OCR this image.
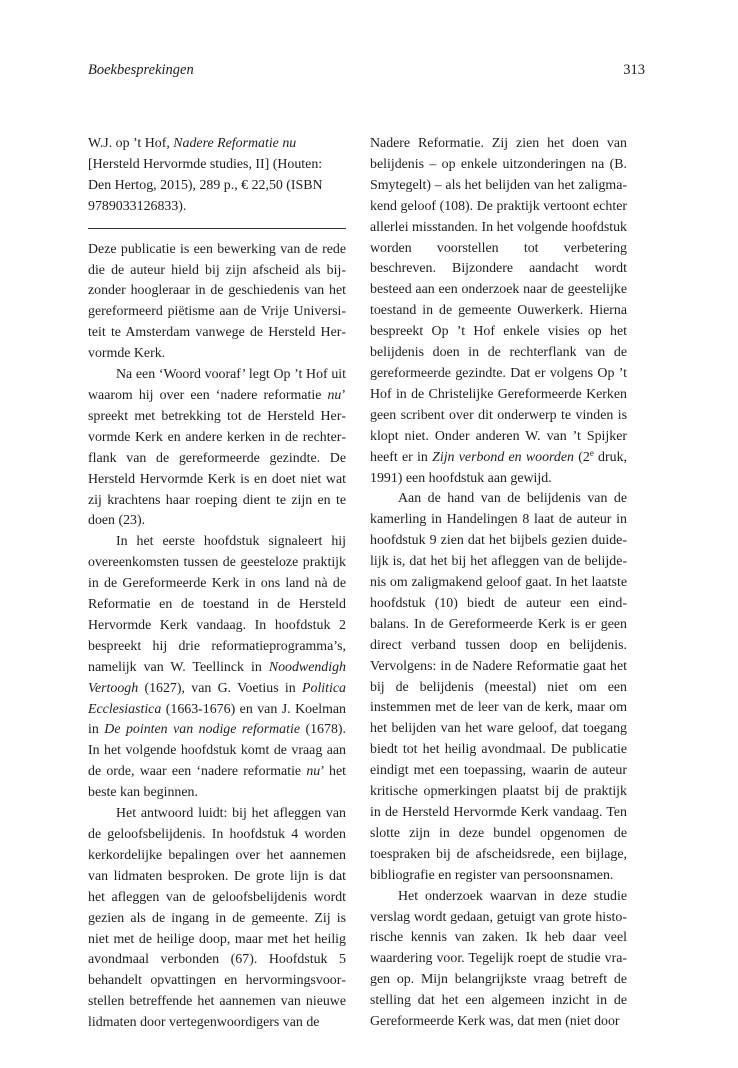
Boekbesprekingen	313

W.J. op ’t Hof, Nadere Reformatie nu
[Hersteld Hervormde studies, II] (Houten: Den Hertog, 2015), 289 p., € 22,50 (ISBN 9789033126833).

Deze publicatie is een bewerking van de rede die de auteur hield bij zijn afscheid als bijzonder hoogleraar in de geschiedenis van het gereformeerd piëtisme aan de Vrije Universiteit te Amsterdam vanwege de Hersteld Hervormde Kerk.

Na een ‘Woord vooraf’ legt Op ’t Hof uit waarom hij over een ‘nadere reformatie nu’ spreekt met betrekking tot de Hersteld Hervormde Kerk en andere kerken in de rechterflank van de gereformeerde gezindte. De Hersteld Hervormde Kerk is en doet niet wat zij krachtens haar roeping dient te zijn en te doen (23).

In het eerste hoofdstuk signaleert hij overeenkomsten tussen de geesteloze praktijk in de Gereformeerde Kerk in ons land nà de Reformatie en de toestand in de Hersteld Hervormde Kerk vandaag. In hoofdstuk 2 bespreekt hij drie reformatieprogramma’s, namelijk van W. Teellinck in Noodwendigh Vertoogh (1627), van G. Voetius in Politica Ecclesiastica (1663-1676) en van J. Koelman in De pointen van nodige reformatie (1678). In het volgende hoofdstuk komt de vraag aan de orde, waar een ‘nadere reformatie nu’ het beste kan beginnen.

Het antwoord luidt: bij het afleggen van de geloofsbelijdenis. In hoofdstuk 4 worden kerkordelijke bepalingen over het aannemen van lidmaten besproken. De grote lijn is dat het afleggen van de geloofsbelijdenis wordt gezien als de ingang in de gemeente. Zij is niet met de heilige doop, maar met het heilig avondmaal verbonden (67). Hoofdstuk 5 behandelt opvattingen en hervormingsvoorstellen betreffende het aannemen van nieuwe lidmaten door vertegenwoordigers van de

Nadere Reformatie. Zij zien het doen van belijdenis – op enkele uitzonderingen na (B. Smytegelt) – als het belijden van het zaligmakend geloof (108). De praktijk vertoont echter allerlei misstanden. In het volgende hoofdstuk worden voorstellen tot verbetering beschreven. Bijzondere aandacht wordt besteed aan een onderzoek naar de geestelijke toestand in de gemeente Ouwerkerk. Hierna bespreekt Op ’t Hof enkele visies op het belijdenis doen in de rechterflank van de gereformeerde gezindte. Dat er volgens Op ’t Hof in de Christelijke Gereformeerde Kerken geen scribent over dit onderwerp te vinden is klopt niet. Onder anderen W. van ’t Spijker heeft er in Zijn verbond en woorden (2e druk, 1991) een hoofdstuk aan gewijd.

Aan de hand van de belijdenis van de kamerling in Handelingen 8 laat de auteur in hoofdstuk 9 zien dat het bijbels gezien duidelijk is, dat het bij het afleggen van de belijdenis om zaligmakend geloof gaat. In het laatste hoofdstuk (10) biedt de auteur een eindbalans. In de Gereformeerde Kerk is er geen direct verband tussen doop en belijdenis. Vervolgens: in de Nadere Reformatie gaat het bij de belijdenis (meestal) niet om een instemmen met de leer van de kerk, maar om het belijden van het ware geloof, dat toegang biedt tot het heilig avondmaal. De publicatie eindigt met een toepassing, waarin de auteur kritische opmerkingen plaatst bij de praktijk in de Hersteld Hervormde Kerk vandaag. Ten slotte zijn in deze bundel opgenomen de toespraken bij de afscheidsrede, een bijlage, bibliografie en register van persoonsnamen.

Het onderzoek waarvan in deze studie verslag wordt gedaan, getuigt van grote historische kennis van zaken. Ik heb daar veel waardering voor. Tegelijk roept de studie vragen op. Mijn belangrijkste vraag betreft de stelling dat het een algemeen inzicht in de Gereformeerde Kerk was, dat men (niet door
